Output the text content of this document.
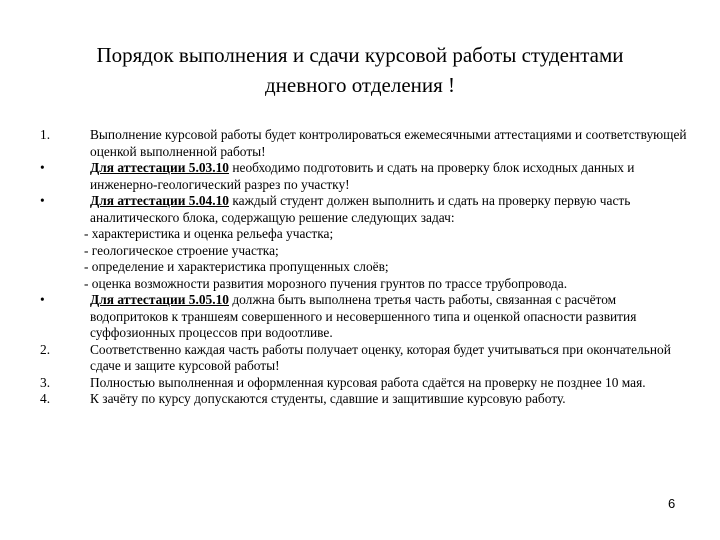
Порядок выполнения и сдачи курсовой работы студентами
дневного отделения !
1.	Выполнение курсовой работы будет контролироваться ежемесячными аттестациями и соответствующей оценкой выполненной работы!
•	Для аттестации 5.03.10 необходимо подготовить и сдать на проверку блок исходных данных и инженерно-геологический разрез по участку!
•	Для аттестации 5.04.10 каждый студент должен выполнить и сдать на проверку первую часть аналитического блока, содержащую решение следующих задач:
- характеристика и оценка рельефа участка;
- геологическое строение участка;
- определение и характеристика пропущенных слоёв;
- оценка возможности развития морозного пучения грунтов по трассе трубопровода.
•	Для аттестации 5.05.10 должна быть выполнена третья часть работы, связанная с расчётом водопритоков к траншеям совершенного и несовершенного типа и оценкой опасности развития суффозионных процессов при водоотливе.
2.	Соответственно каждая часть работы получает оценку, которая будет учитываться при окончательной сдаче и защите курсовой работы!
3.	Полностью выполненная и оформленная курсовая работа сдаётся на проверку не позднее 10 мая.
4.	К зачёту по курсу допускаются студенты, сдавшие и защитившие курсовую работу.
6
